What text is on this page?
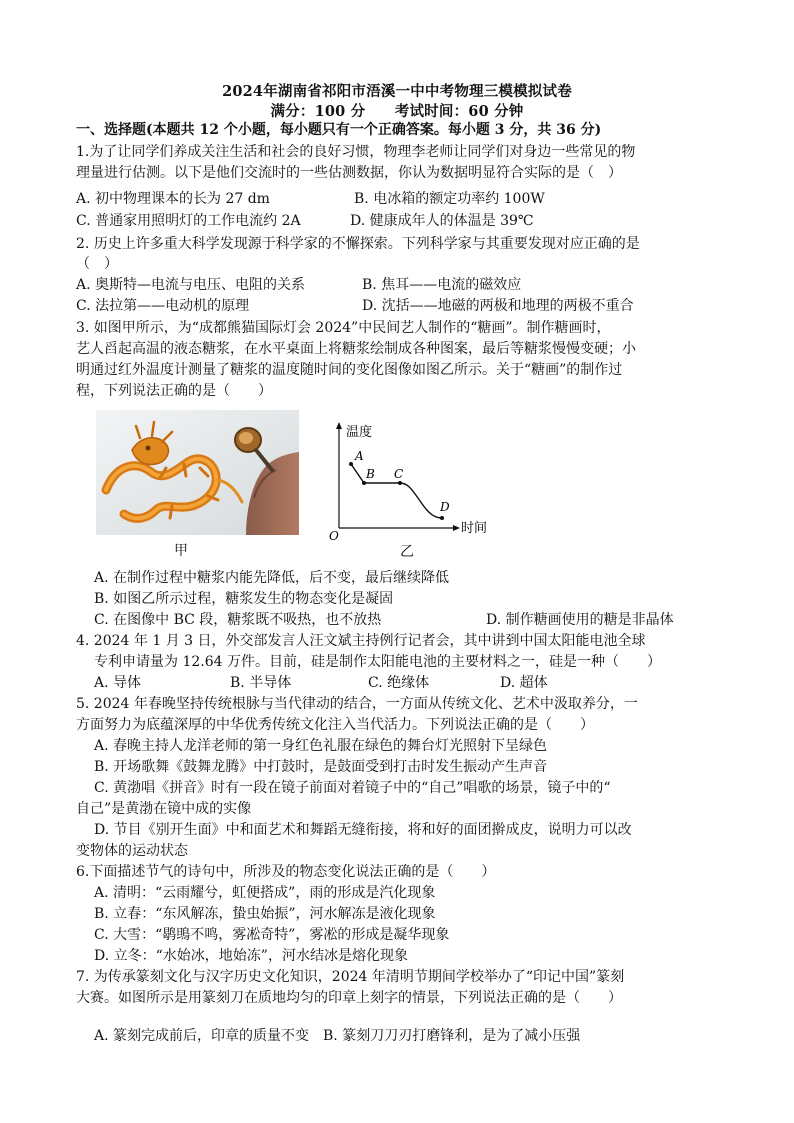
2024年湖南省祁阳市浯溪一中中考物理三模模拟试卷
满分：100 分　　考试时间：60 分钟
一、选择题(本题共 12 个小题，每小题只有一个正确答案。每小题 3 分，共 36 分)
1.为了让同学们养成关注生活和社会的良好习惯，物理李老师让同学们对身边一些常见的物
理量进行估测。以下是他们交流时的一些估测数据，你认为数据明显符合实际的是（　）
A. 初中物理课本的长为 27 dm	B. 电冰箱的额定功率约 100W
C. 普通家用照明灯的工作电流约 2A	D. 健康成年人的体温是 39℃
2. 历史上许多重大科学发现源于科学家的不懈探索。下列科学家与其重要发现对应正确的是
（　）
A. 奥斯特—电流与电压、电阻的关系	B. 焦耳——电流的磁效应
C. 法拉第——电动机的原理	D. 沈括——地磁的两极和地理的两极不重合
3. 如图甲所示，为“成都熊猫国际灯会 2024”中民间艺人制作的“糖画”。制作糖画时，
艺人舀起高温的液态糖浆，在水平桌面上将糖浆绘制成各种图案，最后等糖浆慢慢变硬；小
明通过红外温度计测量了糖浆的温度随时间的变化图像如图乙所示。关于“糖画”的制作过
程，下列说法正确的是（　　）
甲
温度
时间
O
A
B C
D
乙
A. 在制作过程中糖浆内能先降低，后不变，最后继续降低
B. 如图乙所示过程，糖浆发生的物态变化是凝固
C. 在图像中 BC 段，糖浆既不吸热，也不放热	D. 制作糖画使用的糖是非晶体
4. 2024 年 1 月 3 日，外交部发言人汪文斌主持例行记者会，其中讲到中国太阳能电池全球
专利申请量为 12.64 万件。目前，硅是制作太阳能电池的主要材料之一，硅是一种（　　）
A. 导体	B. 半导体	C. 绝缘体	D. 超体
5. 2024 年春晚坚持传统根脉与当代律动的结合，一方面从传统文化、艺术中汲取养分，一
方面努力为底蕴深厚的中华优秀传统文化注入当代活力。下列说法正确的是（　　）
A. 春晚主持人龙洋老师的第一身红色礼服在绿色的舞台灯光照射下呈绿色
B. 开场歌舞《鼓舞龙腾》中打鼓时，是鼓面受到打击时发生振动产生声音
C. 黄渤唱《拼音》时有一段在镜子前面对着镜子中的“自己”唱歌的场景，镜子中的“
自己”是黄渤在镜中成的实像
D. 节目《别开生面》中和面艺术和舞蹈无缝衔接，将和好的面团擀成皮，说明力可以改
变物体的运动状态
6.下面描述节气的诗句中，所涉及的物态变化说法正确的是（　　）
A. 清明：“云雨耀兮，虹便搭成”，雨的形成是汽化现象
B. 立春：“东风解冻，蛰虫始振”，河水解冻是液化现象
C. 大雪：“鹖鴠不鸣，雾凇奇特”，雾凇的形成是凝华现象
D. 立冬：“水始冰，地始冻”，河水结冰是熔化现象
7. 为传承篆刻文化与汉字历史文化知识，2024 年清明节期间学校举办了“印记中国”篆刻
大赛。如图所示是用篆刻刀在质地均匀的印章上刻字的情景，下列说法正确的是（　　）
A. 篆刻完成前后，印章的质量不变　B. 篆刻刀刀刃打磨锋利，是为了减小压强
